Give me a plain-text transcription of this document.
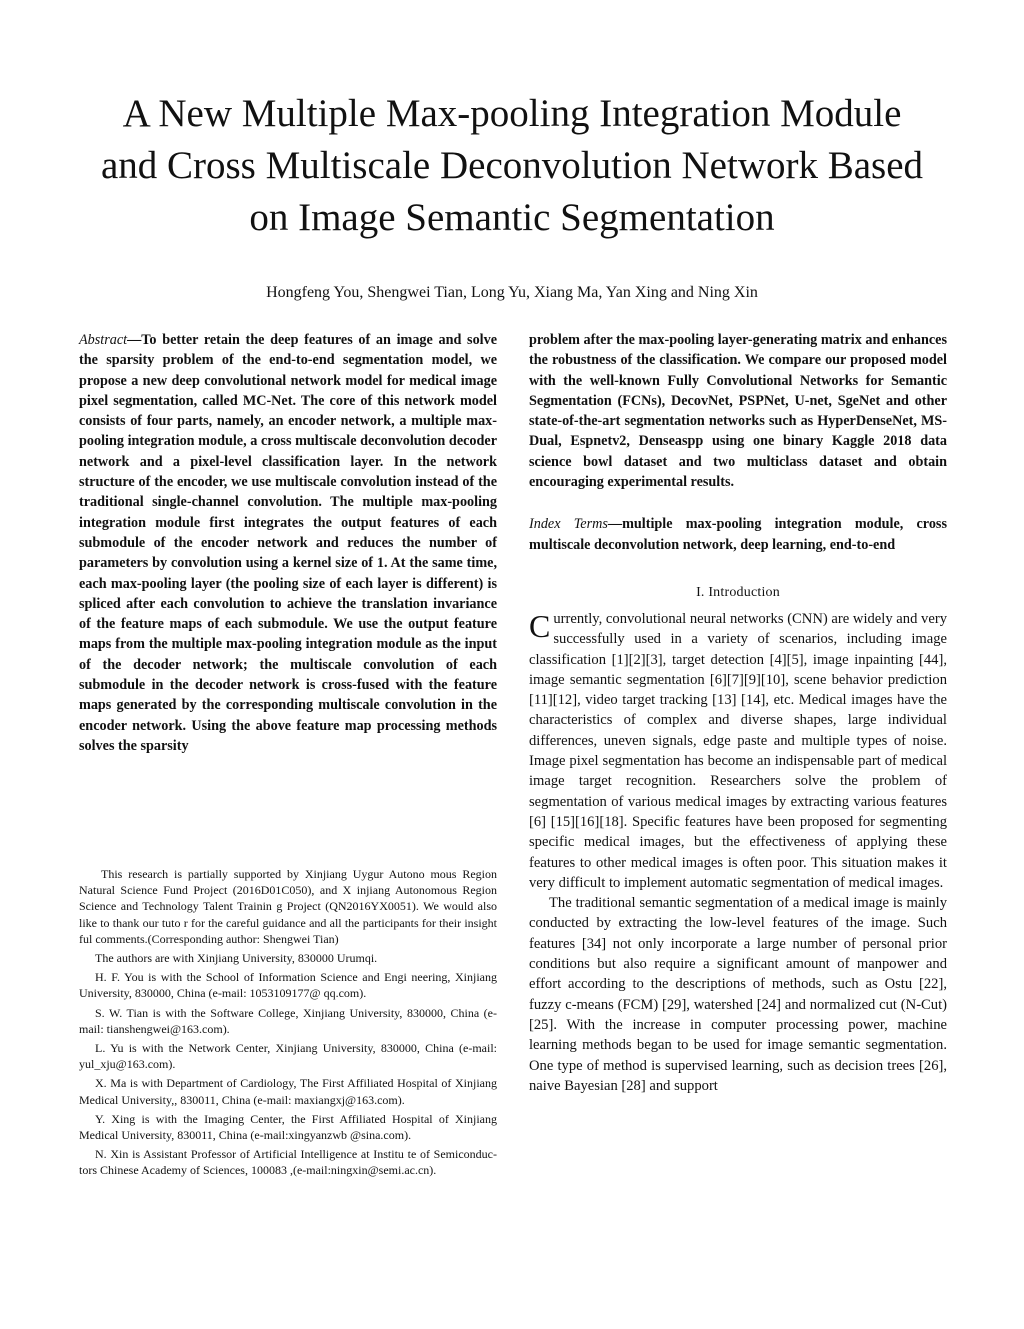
A New Multiple Max-pooling Integration Module
and Cross Multiscale Deconvolution Network Based
on Image Semantic Segmentation

Hongfeng You, Shengwei Tian, Long Yu, Xiang Ma, Yan Xing and Ning Xin

Abstract—To better retain the deep features of an image and solve the sparsity problem of the end-to-end segmentation model, we propose a new deep convolutional network model for medical image pixel segmentation, called MC-Net. The core of this network model consists of four parts, namely, an encoder network, a multiple max-pooling integration module, a cross multiscale deconvolution decoder network and a pixel-level classification layer. In the network structure of the encoder, we use multiscale convolution instead of the traditional single-channel convolution. The multiple max-pooling integration module first integrates the output features of each submodule of the encoder network and reduces the number of parameters by convolution using a kernel size of 1. At the same time, each max-pooling layer (the pooling size of each layer is different) is spliced after each convolution to achieve the translation invariance of the feature maps of each submodule. We use the output feature maps from the multiple max-pooling integration module as the input of the decoder network; the multiscale convolution of each submodule in the decoder network is cross-fused with the feature maps generated by the corresponding multiscale convolution in the encoder network. Using the above feature map processing methods solves the sparsity

This research is partially supported by Xinjiang Uygur Autono mous Region Natural Science Fund Project (2016D01C050), and X injiang Autonomous Region Science and Technology Talent Trainin g Project (QN2016YX0051). We would also like to thank our tuto r for the careful guidance and all the participants for their insight ful comments.(Corresponding author: Shengwei Tian)

The authors are with Xinjiang University, 830000 Urumqi.

H. F. You is with the School of Information Science and Engi neering, Xinjiang University, 830000, China (e-mail: 1053109177@ qq.com).

S. W. Tian is with the Software College, Xinjiang University, 830000, China (e-mail: tianshengwei@163.com).

L. Yu is with the Network Center, Xinjiang University, 830000, China (e-mail: yul_xju@163.com).

X. Ma is with Department of Cardiology, The First Affiliated Hospital of Xinjiang Medical University,, 830011, China (e-mail: maxiangxj@163.com).

Y. Xing is with the Imaging Center, the First Affiliated Hospital of Xinjiang Medical University, 830011, China (e-mail:xingyanzwb @sina.com).

N. Xin is Assistant Professor of Artificial Intelligence at Institu te of Semiconduc- tors Chinese Academy of Sciences, 100083 ,(e-mail:ningxin@semi.ac.cn).

problem after the max-pooling layer-generating matrix and enhances the robustness of the classification. We compare our proposed model with the well-known Fully Convolutional Networks for Semantic Segmentation (FCNs), DecovNet, PSPNet, U-net, SgeNet and other state-of-the-art segmentation networks such as HyperDenseNet, MS-Dual, Espnetv2, Denseaspp using one binary Kaggle 2018 data science bowl dataset and two multiclass dataset and obtain encouraging experimental results.

Index Terms—multiple max-pooling integration module, cross multiscale deconvolution network, deep learning, end-to-end

I. Introduction

Currently, convolutional neural networks (CNN) are widely and very successfully used in a variety of scenarios, including image classification [1][2][3], target detection [4][5], image inpainting [44], image semantic segmentation [6][7][9][10], scene behavior prediction [11][12], video target tracking [13] [14], etc. Medical images have the characteristics of complex and diverse shapes, large individual differences, uneven signals, edge paste and multiple types of noise. Image pixel segmentation has become an indispensable part of medical image target recognition. Researchers solve the problem of segmentation of various medical images by extracting various features [6] [15][16][18]. Specific features have been proposed for segmenting specific medical images, but the effectiveness of applying these features to other medical images is often poor. This situation makes it very difficult to implement automatic segmentation of medical images.

The traditional semantic segmentation of a medical image is mainly conducted by extracting the low-level features of the image. Such features [34] not only incorporate a large number of personal prior conditions but also require a significant amount of manpower and effort according to the descriptions of methods, such as Ostu [22], fuzzy c-means (FCM) [29], watershed [24] and normalized cut (N-Cut) [25]. With the increase in computer processing power, machine learning methods began to be used for image semantic segmentation. One type of method is supervised learning, such as decision trees [26], naive Bayesian [28] and support
